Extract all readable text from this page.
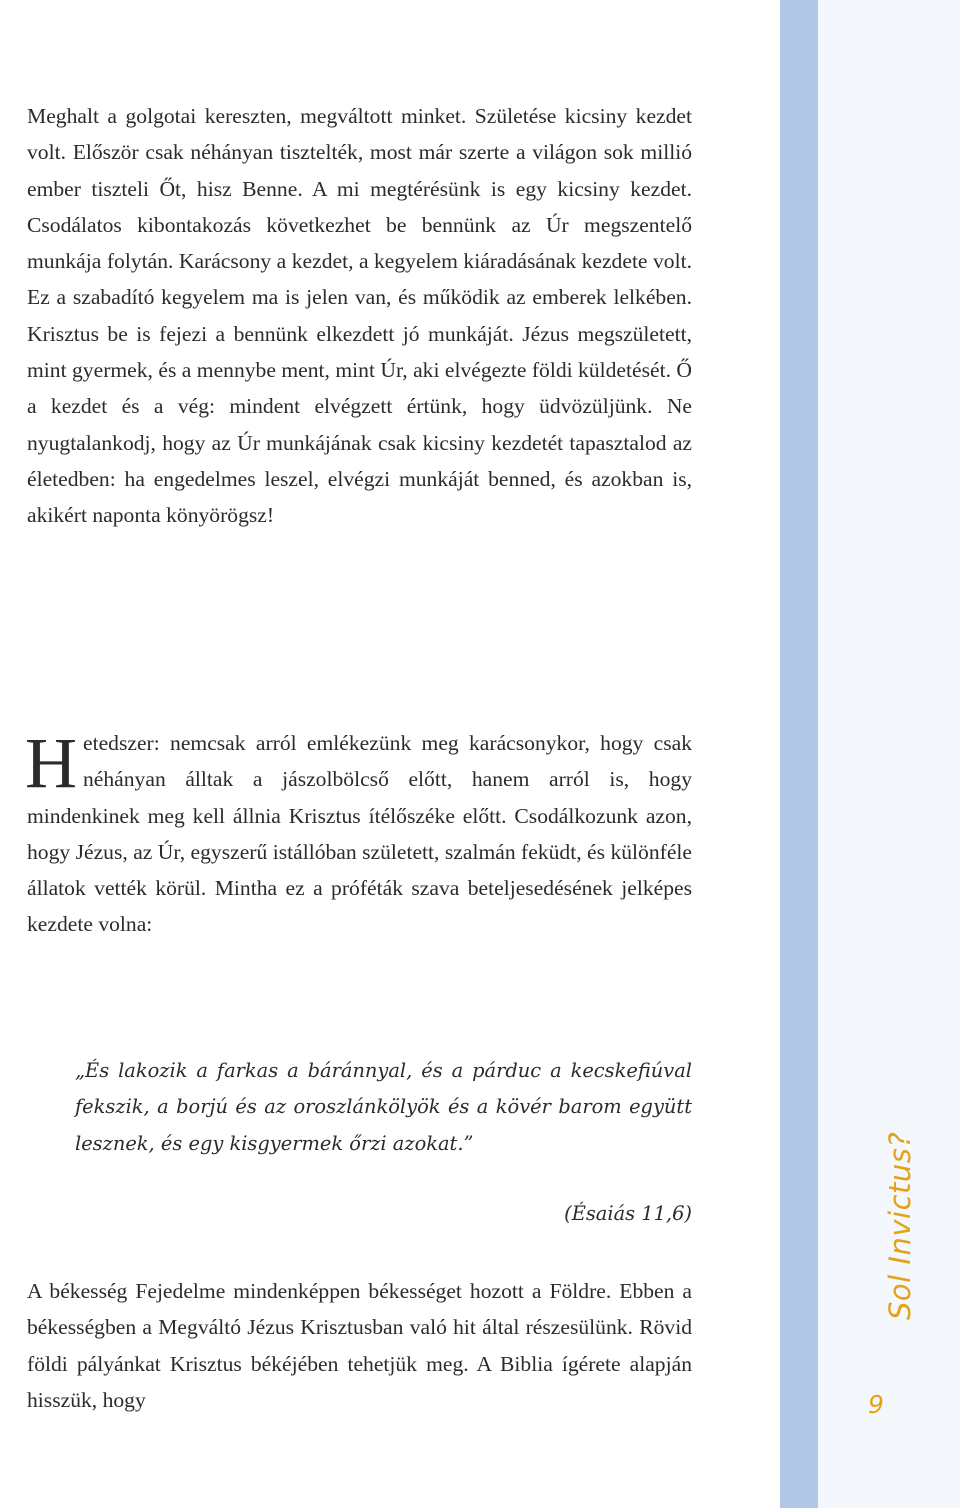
Sol Invictus?
9

Meghalt a golgotai kereszten, megváltott minket. Születése kicsiny kezdet volt. Először csak néhányan tisztelték, most már szerte a világon sok millió ember tiszteli Őt, hisz Benne. A mi megtérésünk is egy kicsiny kezdet. Csodálatos kibontakozás következhet be bennünk az Úr megszentelő munkája folytán. Karácsony a kezdet, a kegyelem kiáradásának kezdete volt. Ez a szabadító kegyelem ma is jelen van, és működik az emberek lelkében. Krisztus be is fejezi a bennünk elkezdett jó munkáját. Jézus megszületett, mint gyermek, és a mennybe ment, mint Úr, aki elvégezte földi küldetését. Ő a kezdet és a vég: mindent elvégzett értünk, hogy üdvözüljünk. Ne nyugtalankodj, hogy az Úr munkájának csak kicsiny kezdetét tapasztalod az életedben: ha engedelmes leszel, elvégzi munkáját benned, és azokban is, akikért naponta könyörögsz!

Hetedszer: nemcsak arról emlékezünk meg karácsonykor, hogy csak néhányan álltak a jászolbölcső előtt, hanem arról is, hogy mindenkinek meg kell állnia Krisztus ítélőszéke előtt. Csodálkozunk azon, hogy Jézus, az Úr, egyszerű istállóban született, szalmán feküdt, és különféle állatok vették körül. Mintha ez a próféták szava beteljesedésének jelképes kezdete volna:

„És lakozik a farkas a báránnyal, és a párduc a kecskefiúval fekszik, a borjú és az oroszlánkölyök és a kövér barom együtt lesznek, és egy kisgyermek őrzi azokat.”

(Ésaiás 11,6)

A békesség Fejedelme mindenképpen békességet hozott a Földre. Ebben a békességben a Megváltó Jézus Krisztusban való hit által részesülünk. Rövid földi pályánkat Krisztus békéjében tehetjük meg. A Biblia ígérete alapján hisszük, hogy
